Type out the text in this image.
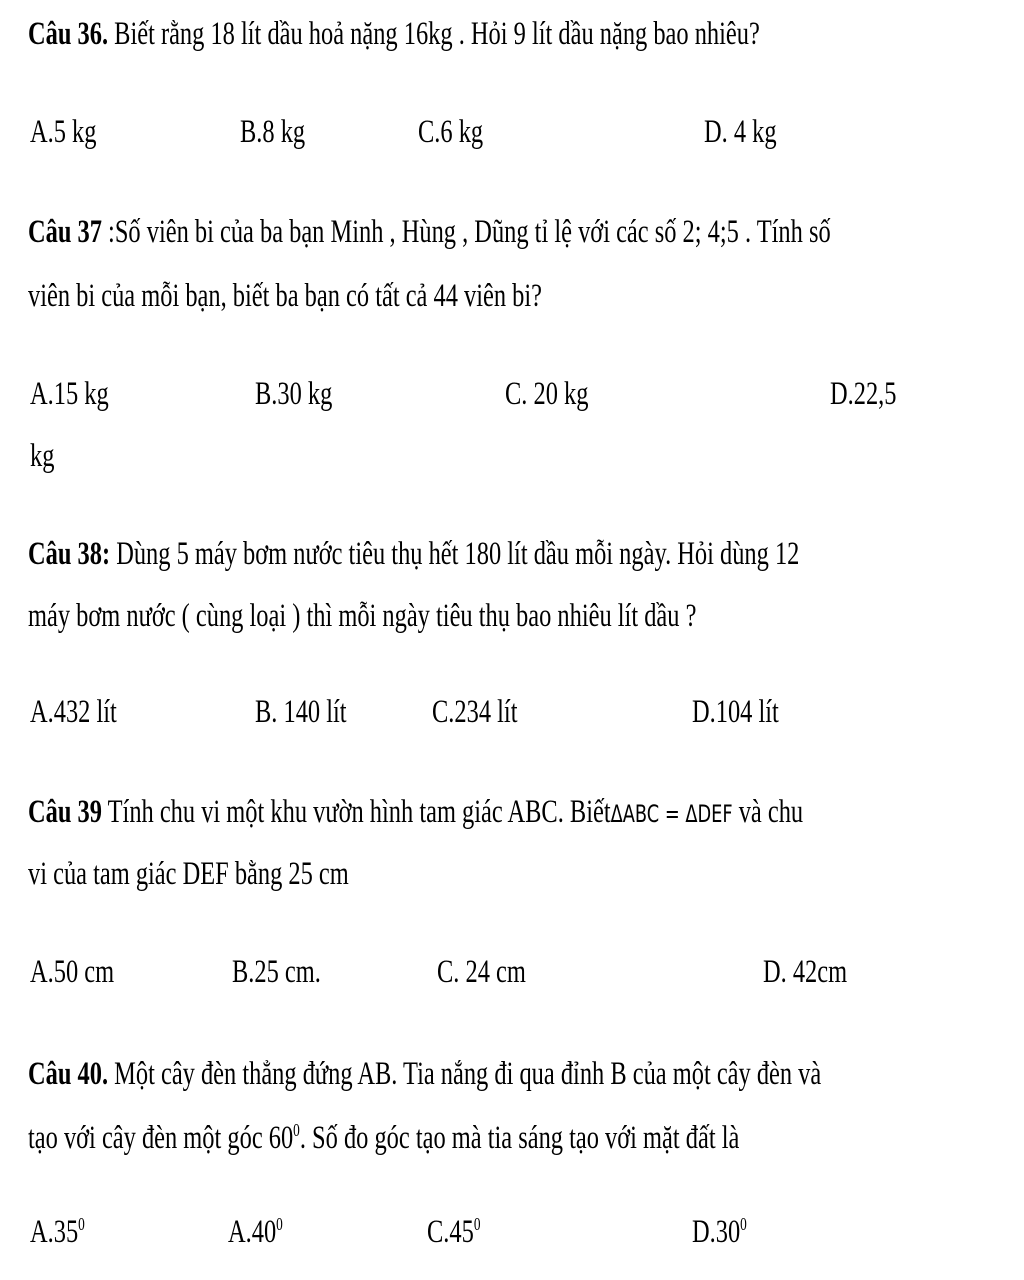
Câu 36. Biết rằng 18 lít dầu hoả nặng 16kg . Hỏi 9 lít dầu nặng bao nhiêu?
A.5 kg	B.8 kg	C.6 kg	D. 4 kg
Câu 37 :Số viên bi của ba bạn Minh , Hùng , Dũng tỉ lệ với các số 2; 4;5 . Tính số
viên bi của mỗi bạn, biết ba bạn có tất cả 44 viên bi?
A.15 kg	B.30 kg	C. 20 kg	D.22,5
kg
Câu 38: Dùng 5 máy bơm nước tiêu thụ hết 180 lít dầu mỗi ngày. Hỏi dùng 12
máy bơm nước ( cùng loại ) thì mỗi ngày tiêu thụ bao nhiêu lít dầu ?
A.432 lít	B. 140 lít	C.234 lít	D.104 lít
Câu 39 Tính chu vi một khu vườn hình tam giác ABC. BiếtΔABC = ΔDEF và chu
vi của tam giác DEF bằng 25 cm
A.50 cm	B.25 cm.	C. 24 cm	D. 42cm
Câu 40. Một cây đèn thẳng đứng AB. Tia nắng đi qua đỉnh B của một cây đèn và
tạo với cây đèn một góc $60^0$. Số đo góc tạo mà tia sáng tạo với mặt đất là
$A.35^0$	$A.40^0$	$C.45^0$	$D.30^0$
